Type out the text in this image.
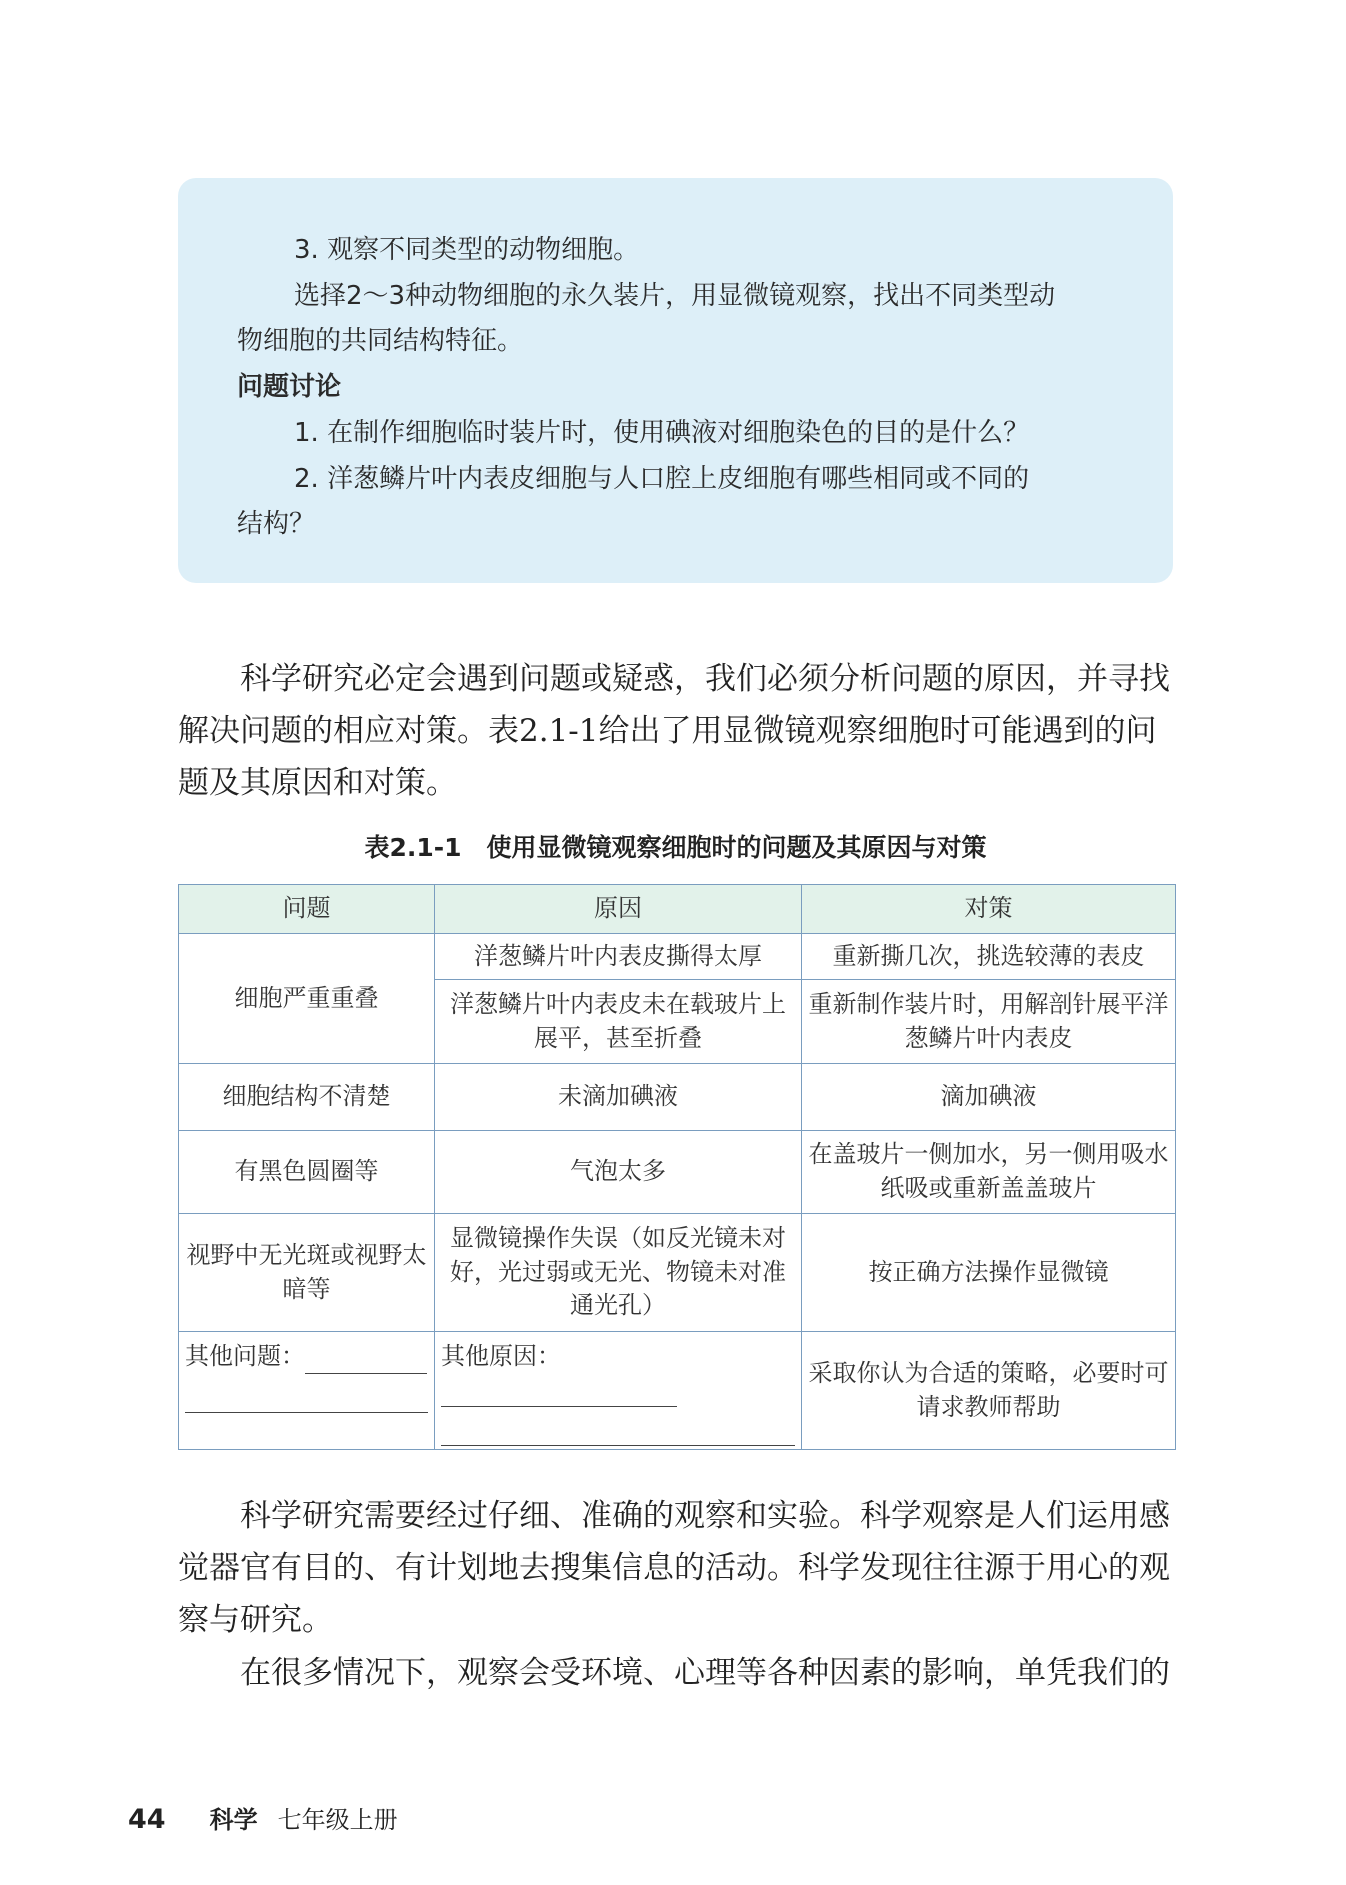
3. 观察不同类型的动物细胞。
选择2～3种动物细胞的永久装片，用显微镜观察，找出不同类型动
物细胞的共同结构特征。
问题讨论
1. 在制作细胞临时装片时，使用碘液对细胞染色的目的是什么？
2. 洋葱鳞片叶内表皮细胞与人口腔上皮细胞有哪些相同或不同的
结构？
科学研究必定会遇到问题或疑惑，我们必须分析问题的原因，并寻找
解决问题的相应对策。表2.1-1给出了用显微镜观察细胞时可能遇到的问
题及其原因和对策。
表2.1-1　使用显微镜观察细胞时的问题及其原因与对策
问题	原因	对策
细胞严重重叠	洋葱鳞片叶内表皮撕得太厚	重新撕几次，挑选较薄的表皮
	洋葱鳞片叶内表皮未在载玻片上展平，甚至折叠	重新制作装片时，用解剖针展平洋葱鳞片叶内表皮
细胞结构不清楚	未滴加碘液	滴加碘液
有黑色圆圈等	气泡太多	在盖玻片一侧加水，另一侧用吸水纸吸或重新盖盖玻片
视野中无光斑或视野太暗等	显微镜操作失误（如反光镜未对好，光过弱或无光、物镜未对准通光孔）	按正确方法操作显微镜
其他问题：	其他原因：	采取你认为合适的策略，必要时可请求教师帮助
科学研究需要经过仔细、准确的观察和实验。科学观察是人们运用感
觉器官有目的、有计划地去搜集信息的活动。科学发现往往源于用心的观
察与研究。
在很多情况下，观察会受环境、心理等各种因素的影响，单凭我们的
44 科学 七年级上册
